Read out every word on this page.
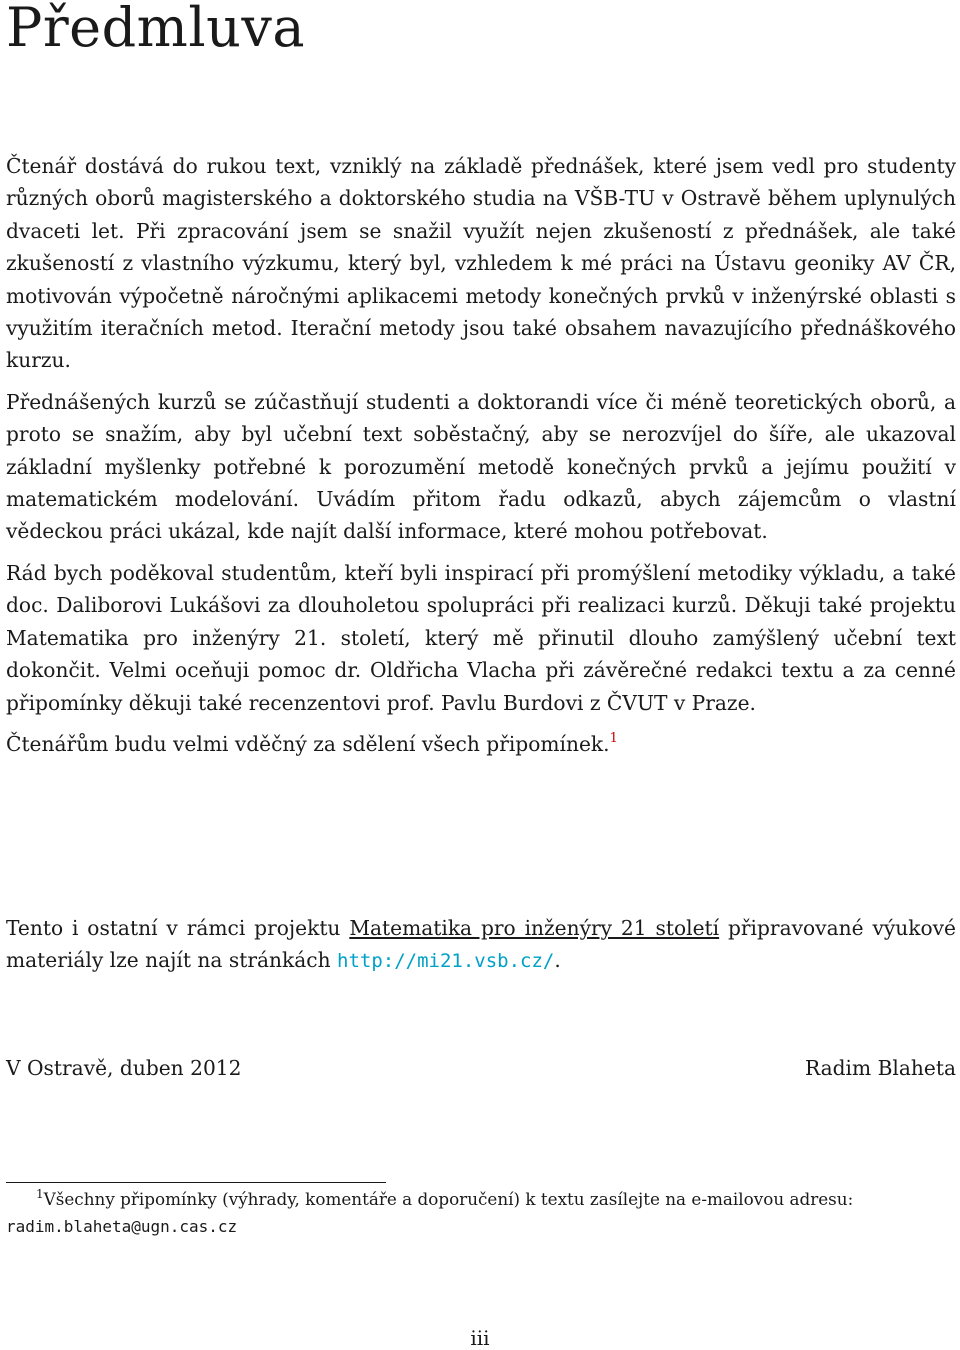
Předmluva

Čtenář dostává do rukou text, vzniklý na základě přednášek, které jsem vedl pro studenty různých oborů magisterského a doktorského studia na VŠB-TU v Ostravě během uplynulých dvaceti let. Při zpracování jsem se snažil využít nejen zkušeností z přednášek, ale také zkušeností z vlastního výzkumu, který byl, vzhledem k mé práci na Ústavu geoniky AV ČR, motivován výpočetně náročnými aplikacemi metody konečných prvků v inženýrské oblasti s využitím iteračních metod. Iterační metody jsou také obsahem navazujícího přednáškového kurzu.

Přednášených kurzů se zúčastňují studenti a doktorandi více či méně teoretických oborů, a proto se snažím, aby byl učební text soběstačný, aby se nerozvíjel do šíře, ale ukazoval základní myšlenky potřebné k porozumění metodě konečných prvků a jejímu použití v matematickém modelování. Uvádím přitom řadu odkazů, abych zájemcům o vlastní vědeckou práci ukázal, kde najít další informace, které mohou potřebovat.

Rád bych poděkoval studentům, kteří byli inspirací při promýšlení metodiky výkladu, a také doc. Daliborovi Lukášovi za dlouholetou spolupráci při realizaci kurzů. Děkuji také projektu Matematika pro inženýry 21. století, který mě přinutil dlouho zamýšlený učební text dokončit. Velmi oceňuji pomoc dr. Oldřicha Vlacha při závěrečné redakci textu a za cenné připomínky děkuji také recenzentovi prof. Pavlu Burdovi z ČVUT v Praze.

Čtenářům budu velmi vděčný za sdělení všech připomínek.$^1$

Tento i ostatní v rámci projektu Matematika pro inženýry 21 století připravované výukové materiály lze najít na stránkách http://mi21.vsb.cz/.

V Ostravě, duben 2012	Radim Blaheta

$^1$Všechny připomínky (výhrady, komentáře a doporučení) k textu zasílejte na e-mailovou adresu:
radim.blaheta@ugn.cas.cz

iii
